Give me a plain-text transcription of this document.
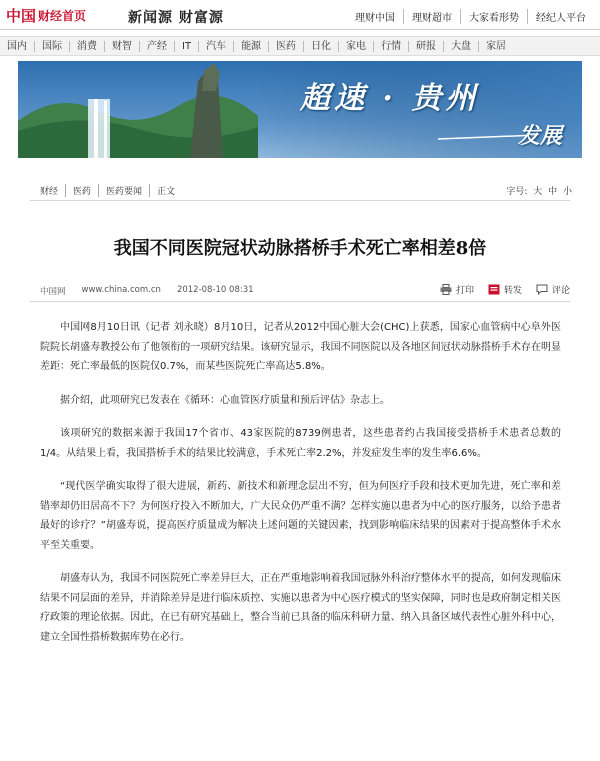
中国 财经首页	新闻源 财富源	理财中国	理财超市	大家看形势	经纪人平台
国内	国际	消费	财智	产经	IT	汽车	能源	医药	日化	家电	行情	研报	大盘	家居
超速 · 贵州
发展
财经	医药	医药要闻	正文	字号: 大 中 小
我国不同医院冠状动脉搭桥手术死亡率相差8倍
中国网 www.china.com.cn 2012-08-10 08:31	打印	转发	评论

中国网8月10日讯（记者 刘永晓）8月10日，记者从2012中国心脏大会(CHC)上获悉，国家心血管病中心阜外医院院长胡盛寿教授公布了他领衔的一项研究结果。该研究显示，我国不同医院以及各地区间冠状动脉搭桥手术存在明显差距：死亡率最低的医院仅0.7%，而某些医院死亡率高达5.8%。

据介绍，此项研究已发表在《循环：心血管医疗质量和预后评估》杂志上。

该项研究的数据来源于我国17个省市、43家医院的8739例患者，这些患者约占我国接受搭桥手术患者总数的1/4。从结果上看，我国搭桥手术的结果比较满意，手术死亡率2.2%，并发症发生率的发生率6.6%。

“现代医学确实取得了很大进展，新药、新技术和新理念层出不穷，但为何医疗手段和技术更加先进，死亡率和差错率却仍旧居高不下？为何医疗投入不断加大，广大民众仍严重不满？怎样实施以患者为中心的医疗服务，以给予患者最好的诊疗？”胡盛寿说，提高医疗质量成为解决上述问题的关键因素，找到影响临床结果的因素对于提高整体手术水平至关重要。

胡盛寿认为，我国不同医院死亡率差异巨大，正在严重地影响着我国冠脉外科治疗整体水平的提高，如何发现临床结果不同层面的差异，并消除差异是进行临床质控、实施以患者为中心医疗模式的坚实保障，同时也是政府制定相关医疗政策的理论依据。因此，在已有研究基础上，整合当前已具备的临床科研力量、纳入具备区域代表性心脏外科中心，建立全国性搭桥数据库势在必行。
